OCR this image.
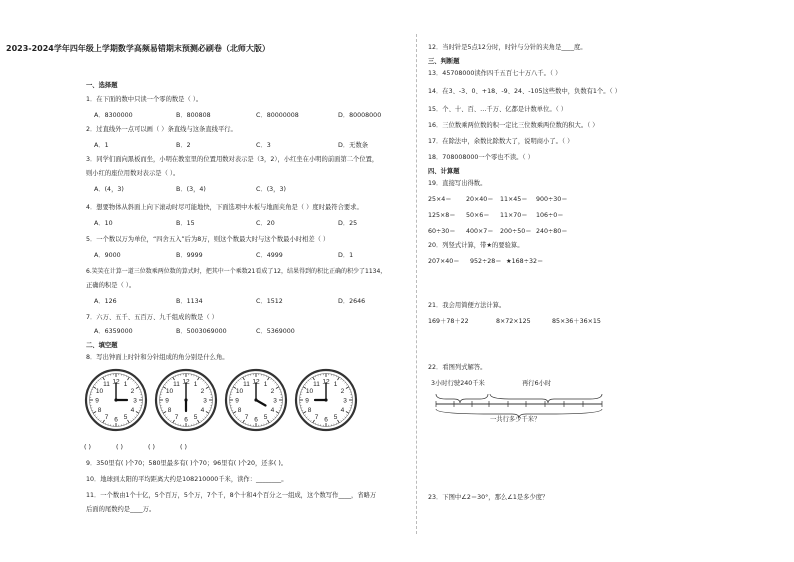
2023-2024学年四年级上学期数学高频易错期末预测必刷卷（北师大版）
一、选择题
1．在下面的数中只读一个零的数是（ ）。
A．8300000	B．800808	C．80000008	D．80008000
2．过直线外一点可以画（ ）条直线与这条直线平行。
A．1	B．2	C．3	D．无数条
3．同学们面向黑板而坐，小明在教室里的位置用数对表示是（3，2），小红坐在小明的前面第二个位置，
则小红的座位用数对表示是（ ）。
A．(4，3)	B．(3，4)	C．(3，3)
4．想要物体从斜面上向下滚动时尽可能地快，下面选项中木板与地面夹角是（ ）度时最符合要求。
A．10	B．15	C．20	D．25
5．一个数以万为单位，“四舍五入”后为8万，则这个数最大时与这个数最小时相差（ ）
A．9000	B．9999	C．4999	D．1
6.笑笑在计算一道三位数乘两位数的算式时，把其中一个乘数21看成了12，结果得到的积比正确的积少了1134，
正确的积是（ ）。
A．126	B．1134	C．1512	D．2646
7．六万、五千、五百万、九千组成的数是（ ）
A．6359000	B．5003069000	C．5369000
二、填空题
8．写出钟面上时针和分针组成的角分别是什么角。
1
2
3
4
5
6
7
8
9
10
11 12	1
2
3
4
5
6
7
8
9
10
11 12	1
2
3
4
5
6
7
8
9
10
11 12	1
2
3
4
5
6
7
8
9
10
11 12
( )	( )	( )	( )
9．350里有( )个70；580里最多有( )个70；96里有( )个20，还多( )。
10．地球到太阳的平均距离大约是108210000千米，读作：________。
11．一个数由1个十亿，5个百万，5个万，7个千，8个十和4个百分之一组成，这个数写作____，省略万
后面的尾数约是____万。
12．当时针是5点12分时，时针与分针的夹角是____度。
三、判断题
13．45708000读作四千五百七十万八千。（ ）
14．在3、-3、0、+18、-9、24、-105这些数中，负数有1个。（ ）
15．个、十、百、…千万、亿都是计数单位。（ ）
16．三位数乘两位数的积一定比三位数乘两位数的积大。（ ）
17．在除法中，余数比除数大了，说明商小了。（ ）
18．708008000一个零也不读。（ ）
四、计算题
19．直接写出得数。
25×4＝ 20×40＝ 11×45＝ 900÷30＝
125×8＝ 50×6＝ 11×70＝ 106÷0＝
60÷30＝ 400×7＝ 200÷50＝ 240÷80＝
20．列竖式计算，带★的要验算。
207×40＝ 952÷28＝ ★168÷32＝
21．我会用简便方法计算。
169＋78＋22	8×72×125	85×36＋36×15
22．看图列式解答。
3小时行驶240千米	再行6小时
一共行多少千米？
23．下图中∠2＝30°，那么∠1是多少度？
